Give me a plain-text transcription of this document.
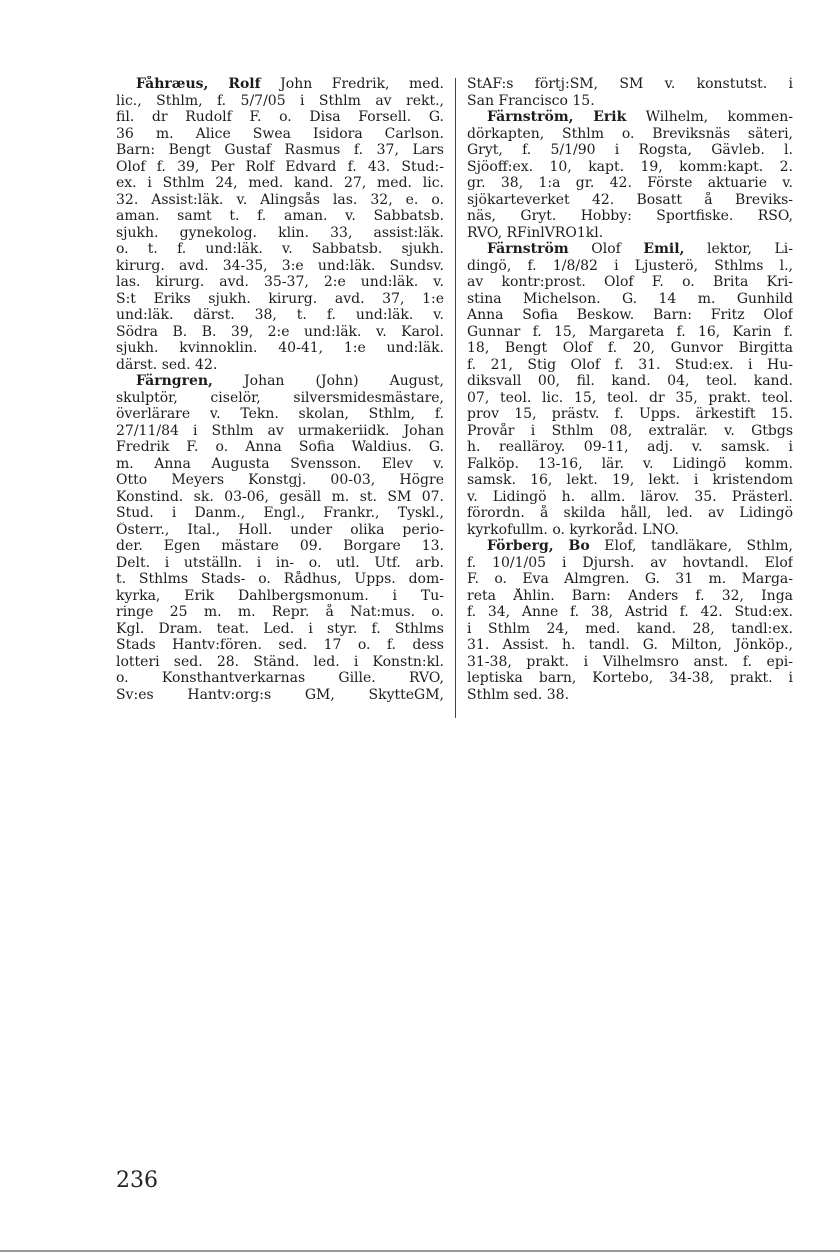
Fåhræus, Rolf John Fredrik, med.
lic., Sthlm, f. 5/7/05 i Sthlm av rekt.,
fil. dr Rudolf F. o. Disa Forsell. G.
36 m. Alice Swea Isidora Carlson.
Barn: Bengt Gustaf Rasmus f. 37, Lars
Olof f. 39, Per Rolf Edvard f. 43. Stud:-
ex. i Sthlm 24, med. kand. 27, med. lic.
32. Assist:läk. v. Alingsås las. 32, e. o.
aman. samt t. f. aman. v. Sabbatsb.
sjukh. gynekolog. klin. 33, assist:läk.
o. t. f. und:läk. v. Sabbatsb. sjukh.
kirurg. avd. 34-35, 3:e und:läk. Sundsv.
las. kirurg. avd. 35-37, 2:e und:läk. v.
S:t Eriks sjukh. kirurg. avd. 37, 1:e
und:läk. därst. 38, t. f. und:läk. v.
Södra B. B. 39, 2:e und:läk. v. Karol.
sjukh. kvinnoklin. 40-41, 1:e und:läk.
därst. sed. 42.
Färngren, Johan (John) August,
skulptör, ciselör, silversmidesmästare,
överlärare v. Tekn. skolan, Sthlm, f.
27/11/84 i Sthlm av urmakeriidk. Johan
Fredrik F. o. Anna Sofia Waldius. G.
m. Anna Augusta Svensson. Elev v.
Otto Meyers Konstgj. 00-03, Högre
Konstind. sk. 03-06, gesäll m. st. SM 07.
Stud. i Danm., Engl., Frankr., Tyskl.,
Österr., Ital., Holl. under olika perio-
der. Egen mästare 09. Borgare 13.
Delt. i utställn. i in- o. utl. Utf. arb.
t. Sthlms Stads- o. Rådhus, Upps. dom-
kyrka, Erik Dahlbergsmonum. i Tu-
ringe 25 m. m. Repr. å Nat:mus. o.
Kgl. Dram. teat. Led. i styr. f. Sthlms
Stads Hantv:fören. sed. 17 o. f. dess
lotteri sed. 28. Ständ. led. i Konstn:kl.
o. Konsthantverkarnas Gille. RVO,
Sv:es Hantv:org:s GM, SkytteGM,
StAF:s förtj:SM, SM v. konstutst. i
San Francisco 15.
Färnström, Erik Wilhelm, kommen-
dörkapten, Sthlm o. Breviksnäs säteri,
Gryt, f. 5/1/90 i Rogsta, Gävleb. l.
Sjöoff:ex. 10, kapt. 19, komm:kapt. 2.
gr. 38, 1:a gr. 42. Förste aktuarie v.
sjökarteverket 42. Bosatt å Breviks-
näs, Gryt. Hobby: Sportfiske. RSO,
RVO, RFinlVRO1kl.
Färnström Olof Emil, lektor, Li-
dingö, f. 1/8/82 i Ljusterö, Sthlms l.,
av kontr:prost. Olof F. o. Brita Kri-
stina Michelson. G. 14 m. Gunhild
Anna Sofia Beskow. Barn: Fritz Olof
Gunnar f. 15, Margareta f. 16, Karin f.
18, Bengt Olof f. 20, Gunvor Birgitta
f. 21, Stig Olof f. 31. Stud:ex. i Hu-
diksvall 00, fil. kand. 04, teol. kand.
07, teol. lic. 15, teol. dr 35, prakt. teol.
prov 15, prästv. f. Upps. ärkestift 15.
Provår i Sthlm 08, extralär. v. Gtbgs
h. realläroy. 09-11, adj. v. samsk. i
Falköp. 13-16, lär. v. Lidingö komm.
samsk. 16, lekt. 19, lekt. i kristendom
v. Lidingö h. allm. lärov. 35. Prästerl.
förordn. å skilda håll, led. av Lidingö
kyrkofullm. o. kyrkoråd. LNO.
Förberg, Bo Elof, tandläkare, Sthlm,
f. 10/1/05 i Djursh. av hovtandl. Elof
F. o. Eva Almgren. G. 31 m. Marga-
reta Åhlin. Barn: Anders f. 32, Inga
f. 34, Anne f. 38, Astrid f. 42. Stud:ex.
i Sthlm 24, med. kand. 28, tandl:ex.
31. Assist. h. tandl. G. Milton, Jönköp.,
31-38, prakt. i Vilhelmsro anst. f. epi-
leptiska barn, Kortebo, 34-38, prakt. i
Sthlm sed. 38.
236
